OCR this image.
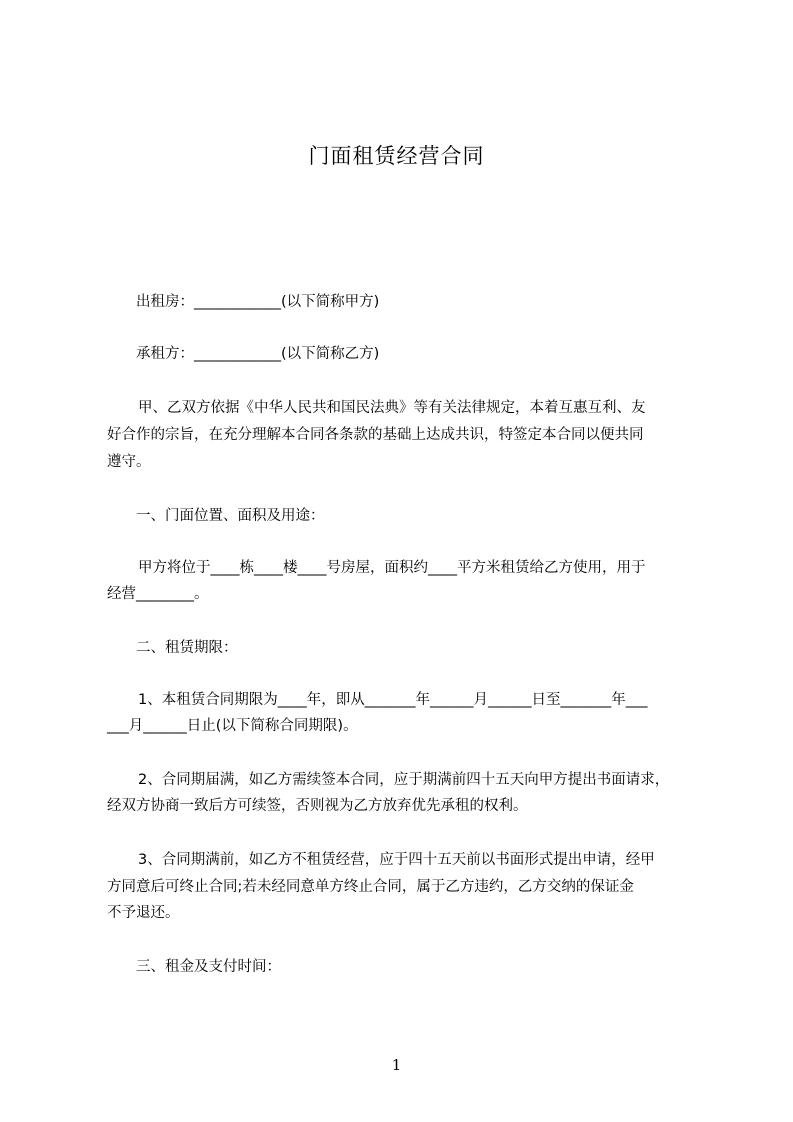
门面租赁经营合同
出租房：____________(以下简称甲方)
承租方：____________(以下简称乙方)
甲、乙双方依据《中华人民共和国民法典》等有关法律规定，本着互惠互利、友
好合作的宗旨，在充分理解本合同各条款的基础上达成共识，特签定本合同以便共同
遵守。
一、门面位置、面积及用途：
甲方将位于____栋____楼____号房屋，面积约____平方米租赁给乙方使用，用于
经营________。
二、租赁期限：
1、本租赁合同期限为____年，即从_______年______月______日至_______年___
___月______日止(以下简称合同期限)。
2、合同期届满，如乙方需续签本合同，应于期满前四十五天向甲方提出书面请求，
经双方协商一致后方可续签，否则视为乙方放弃优先承租的权利。
3、合同期满前，如乙方不租赁经营，应于四十五天前以书面形式提出申请，经甲
方同意后可终止合同;若未经同意单方终止合同，属于乙方违约，乙方交纳的保证金
不予退还。
三、租金及支付时间：
1
